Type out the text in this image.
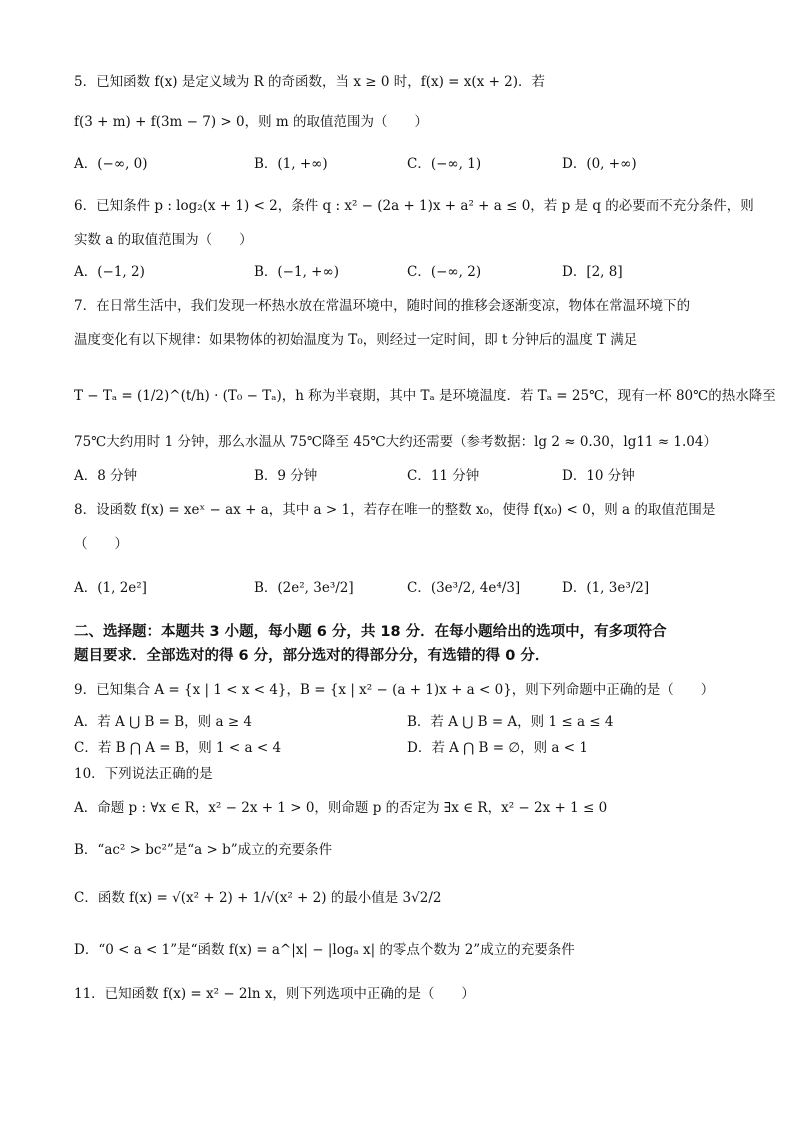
5．已知函数 f(x) 是定义域为 R 的奇函数，当 x ≥ 0 时，f(x) = x(x + 2)．若
f(3 + m) + f(3m − 7) > 0，则 m 的取值范围为（　　）
A．(−∞, 0)	B．(1, +∞)	C．(−∞, 1)	D．(0, +∞)
6．已知条件 p : log₂(x + 1) < 2，条件 q : x² − (2a + 1)x + a² + a ≤ 0，若 p 是 q 的必要而不充分条件，则
实数 a 的取值范围为（　　）
A．(−1, 2)	B．(−1, +∞)	C．(−∞, 2)	D．[2, 8]
7．在日常生活中，我们发现一杯热水放在常温环境中，随时间的推移会逐渐变凉，物体在常温环境下的
温度变化有以下规律：如果物体的初始温度为 T₀，则经过一定时间，即 t 分钟后的温度 T 满足
T − Tₐ = (1/2)^(t/h) · (T₀ − Tₐ)，h 称为半衰期，其中 Tₐ 是环境温度．若 Tₐ = 25℃，现有一杯 80℃的热水降至
75℃大约用时 1 分钟，那么水温从 75℃降至 45℃大约还需要（参考数据：lg 2 ≈ 0.30，lg11 ≈ 1.04）
A．8 分钟	B．9 分钟	C．11 分钟	D．10 分钟
8．设函数 f(x) = xeˣ − ax + a，其中 a > 1，若存在唯一的整数 x₀，使得 f(x₀) < 0，则 a 的取值范围是
（　　）
A．(1, 2e²]	B．(2e², 3e³/2]	C．(3e³/2, 4e⁴/3]	D．(1, 3e³/2]
二、选择题：本题共 3 小题，每小题 6 分，共 18 分．在每小题给出的选项中，有多项符合
题目要求．全部选对的得 6 分，部分选对的得部分分，有选错的得 0 分．
9．已知集合 A = {x | 1 < x < 4}，B = {x | x² − (a + 1)x + a < 0}，则下列命题中正确的是（　　）
A．若 A ⋃ B = B，则 a ≥ 4	B．若 A ⋃ B = A，则 1 ≤ a ≤ 4
C．若 B ⋂ A = B，则 1 < a < 4	D．若 A ⋂ B = ∅，则 a < 1
10．下列说法正确的是
A．命题 p : ∀x ∈ R，x² − 2x + 1 > 0，则命题 p 的否定为 ∃x ∈ R，x² − 2x + 1 ≤ 0
B．“ac² > bc²”是“a > b”成立的充要条件
C．函数 f(x) = √(x² + 2) + 1/√(x² + 2) 的最小值是 3√2/2
D．“0 < a < 1”是“函数 f(x) = a^|x| − |logₐ x| 的零点个数为 2”成立的充要条件
11．已知函数 f(x) = x² − 2ln x，则下列选项中正确的是（　　）
